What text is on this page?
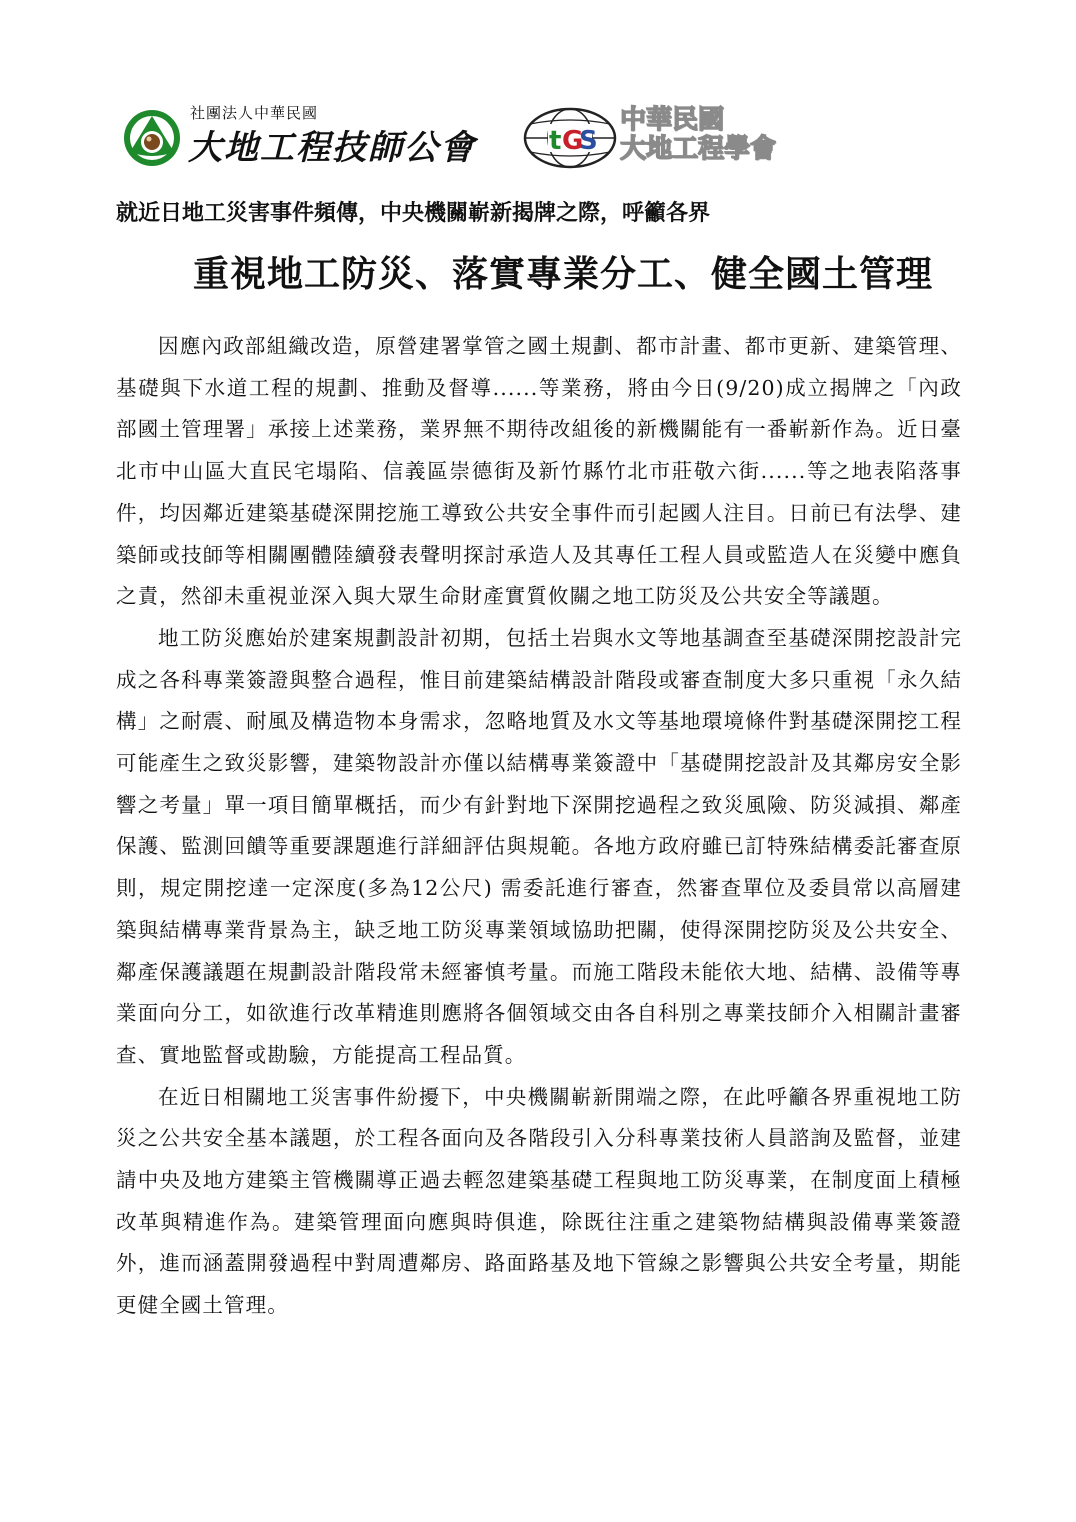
社團法人中華民國
大地工程技師公會	t G
S
中華民國
大地工程學會
就近日地工災害事件頻傳，中央機關嶄新揭牌之際，呼籲各界
重視地工防災、落實專業分工、健全國土管理

因應內政部組織改造，原營建署掌管之國土規劃、都市計畫、都市更新、建築管理、基礎與下水道工程的規劃、推動及督導......等業務，將由今日(9/20)成立揭牌之「內政部國土管理署」承接上述業務，業界無不期待改組後的新機關能有一番嶄新作為。近日臺北市中山區大直民宅塌陷、信義區崇德街及新竹縣竹北市莊敬六街......等之地表陷落事件，均因鄰近建築基礎深開挖施工導致公共安全事件而引起國人注目。日前已有法學、建築師或技師等相關團體陸續發表聲明探討承造人及其專任工程人員或監造人在災變中應負之責，然卻未重視並深入與大眾生命財產實質攸關之地工防災及公共安全等議題。

地工防災應始於建案規劃設計初期，包括土岩與水文等地基調查至基礎深開挖設計完成之各科專業簽證與整合過程，惟目前建築結構設計階段或審查制度大多只重視「永久結構」之耐震、耐風及構造物本身需求，忽略地質及水文等基地環境條件對基礎深開挖工程可能產生之致災影響，建築物設計亦僅以結構專業簽證中「基礎開挖設計及其鄰房安全影響之考量」單一項目簡單概括，而少有針對地下深開挖過程之致災風險、防災減損、鄰產保護、監測回饋等重要課題進行詳細評估與規範。各地方政府雖已訂特殊結構委託審查原則，規定開挖達一定深度(多為12公尺) 需委託進行審查，然審查單位及委員常以高層建築與結構專業背景為主，缺乏地工防災專業領域協助把關，使得深開挖防災及公共安全、鄰產保護議題在規劃設計階段常未經審慎考量。而施工階段未能依大地、結構、設備等專業面向分工，如欲進行改革精進則應將各個領域交由各自科別之專業技師介入相關計畫審查、實地監督或勘驗，方能提高工程品質。

在近日相關地工災害事件紛擾下，中央機關嶄新開端之際，在此呼籲各界重視地工防災之公共安全基本議題，於工程各面向及各階段引入分科專業技術人員諮詢及監督，並建請中央及地方建築主管機關導正過去輕忽建築基礎工程與地工防災專業，在制度面上積極改革與精進作為。建築管理面向應與時俱進，除既往注重之建築物結構與設備專業簽證外，進而涵蓋開發過程中對周遭鄰房、路面路基及地下管線之影響與公共安全考量，期能更健全國土管理。
